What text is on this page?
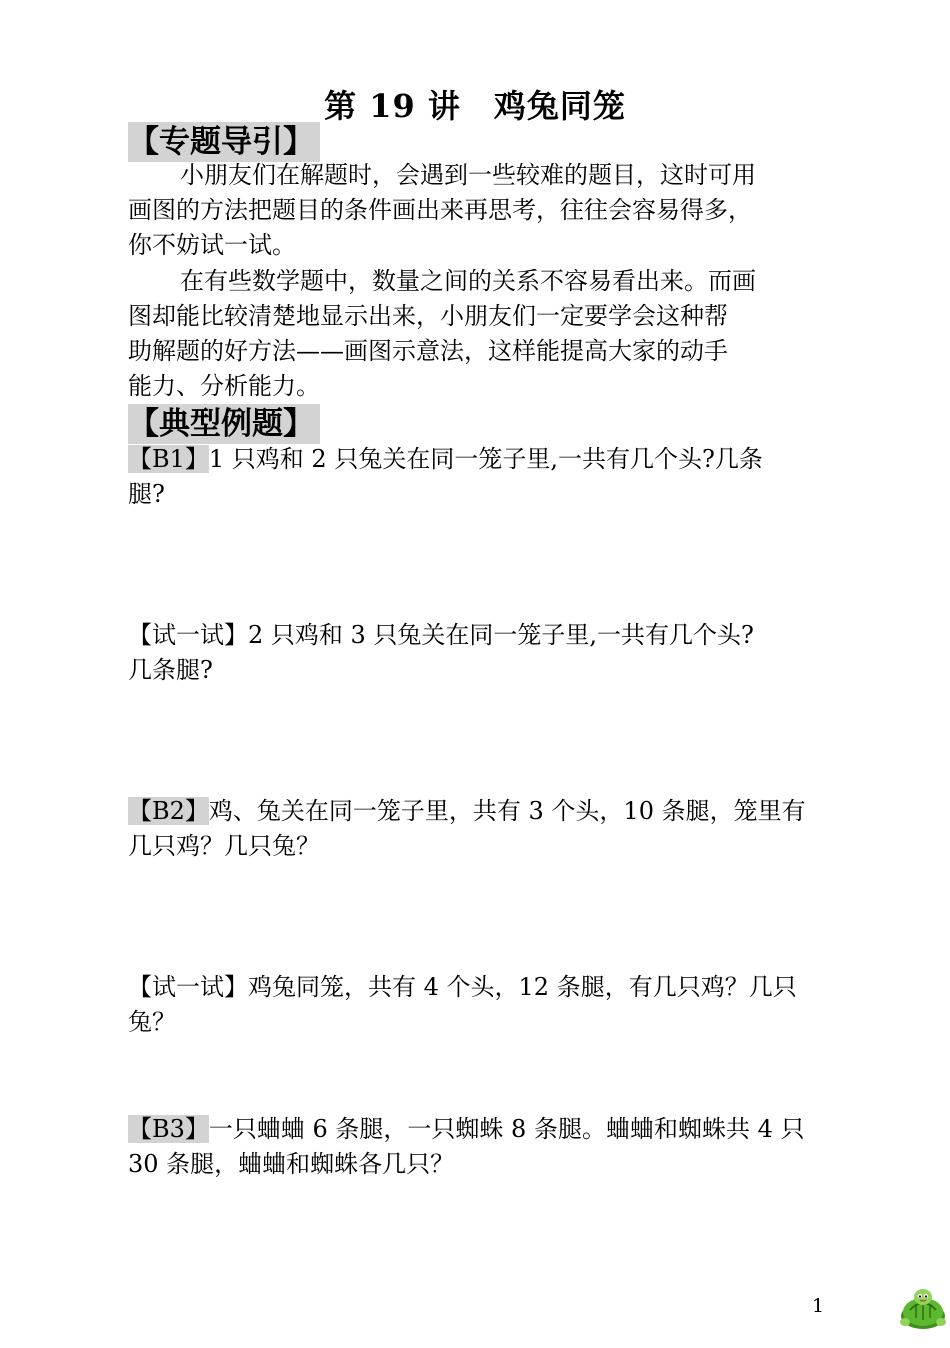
第 19 讲　鸡兔同笼
【专题导引】
小朋友们在解题时，会遇到一些较难的题目，这时可用
画图的方法把题目的条件画出来再思考，往往会容易得多，
你不妨试一试。
在有些数学题中，数量之间的关系不容易看出来。而画
图却能比较清楚地显示出来，小朋友们一定要学会这种帮
助解题的好方法——画图示意法，这样能提高大家的动手
能力、分析能力。
【典型例题】
【B1】1 只鸡和 2 只兔关在同一笼子里,一共有几个头?几条
腿?
【试一试】2 只鸡和 3 只兔关在同一笼子里,一共有几个头?
几条腿?
【B2】鸡、兔关在同一笼子里，共有 3 个头，10 条腿，笼里有
几只鸡？几只兔？
【试一试】鸡兔同笼，共有 4 个头，12 条腿，有几只鸡？几只
兔？
【B3】一只蛐蛐 6 条腿，一只蜘蛛 8 条腿。蛐蛐和蜘蛛共 4 只
30 条腿，蛐蛐和蜘蛛各几只？
1
